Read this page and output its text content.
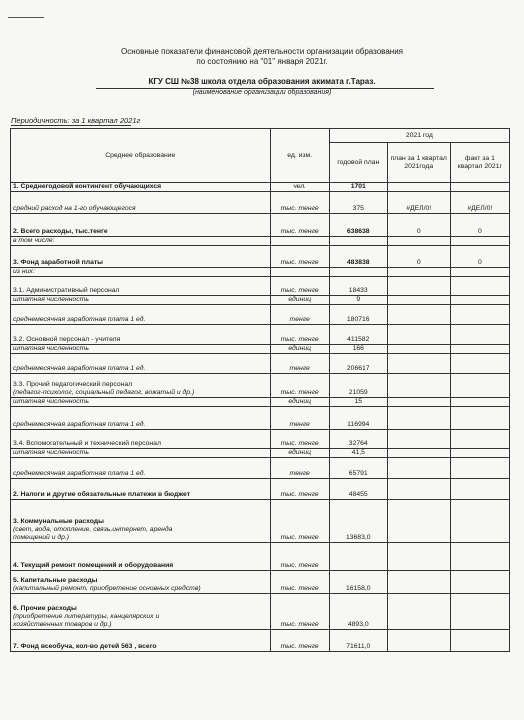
Основные показатели финансовой деятельности организации образования
по состоянию на "01" января 2021г.
КГУ СШ №38 школа отдела образования акимата г.Тараз.
(наименование организации образования)
Периодичность: за 1 квартал 2021г
Среднее образование	ед. изм.	2021 год		
		годовой план	план за 1 квартал 2021года	факт за 1 квартал 2021г

1. Среднегодовой контингент обучающихся	чел.	1701		

средний расход на 1-го обучающегося	тыс. тенге	375	#ДЕЛ/0!	#ДЕЛ/0!

2. Всего расходы, тыс.тенге	тыс. тенге	638638	0	0

в том числе:				

3. Фонд заработной платы	тыс. тенге	483838	0	0

из них:				

3.1. Административный персонал	тыс. тенге	18433		

штатная численность	единиц	9		

среднемесячная заработная плата 1 ед.	тенге	180716		

3.2. Основной персонал - учителя	тыс. тенге	411582		

штатная численность	единиц	166		

среднемесячная заработная плата 1 ед.	тенге	206617		

3.3. Прочий педагогический персонал
(педагог-психолог, социальный педагог, вожатый и др.)	тыс. тенге	21059		

штатная численность	единиц	15		

среднемесячная заработная плата 1 ед.	тенге	116994		

3.4. Вспомогательный и технический персонал	тыс. тенге	32764		

штатная численность	единиц	41,5		

среднемесячная заработная плата 1 ед.	тенге	65791		

2. Налоги и другие обязательные платежи в бюджет	тыс. тенге	48455		

3. Коммунальные расходы
(свет, вода, отопление, связь,интернет, аренда
помещений и др.)	тыс. тенге	13683,0		

4. Текущий ремонт помещений и оборудования	тыс. тенге			

5. Капитальные расходы
(капитальный ремонт, приобретение основных средств)	тыс. тенге	16158,0		

6. Прочие расходы
(приобретение литературы, канцелярских и
хозяйственных товаров и др.)	тыс. тенге	4893,0		

7. Фонд всеобуча, кол-во детей 563 , всего	тыс. тенге	71611,0		
